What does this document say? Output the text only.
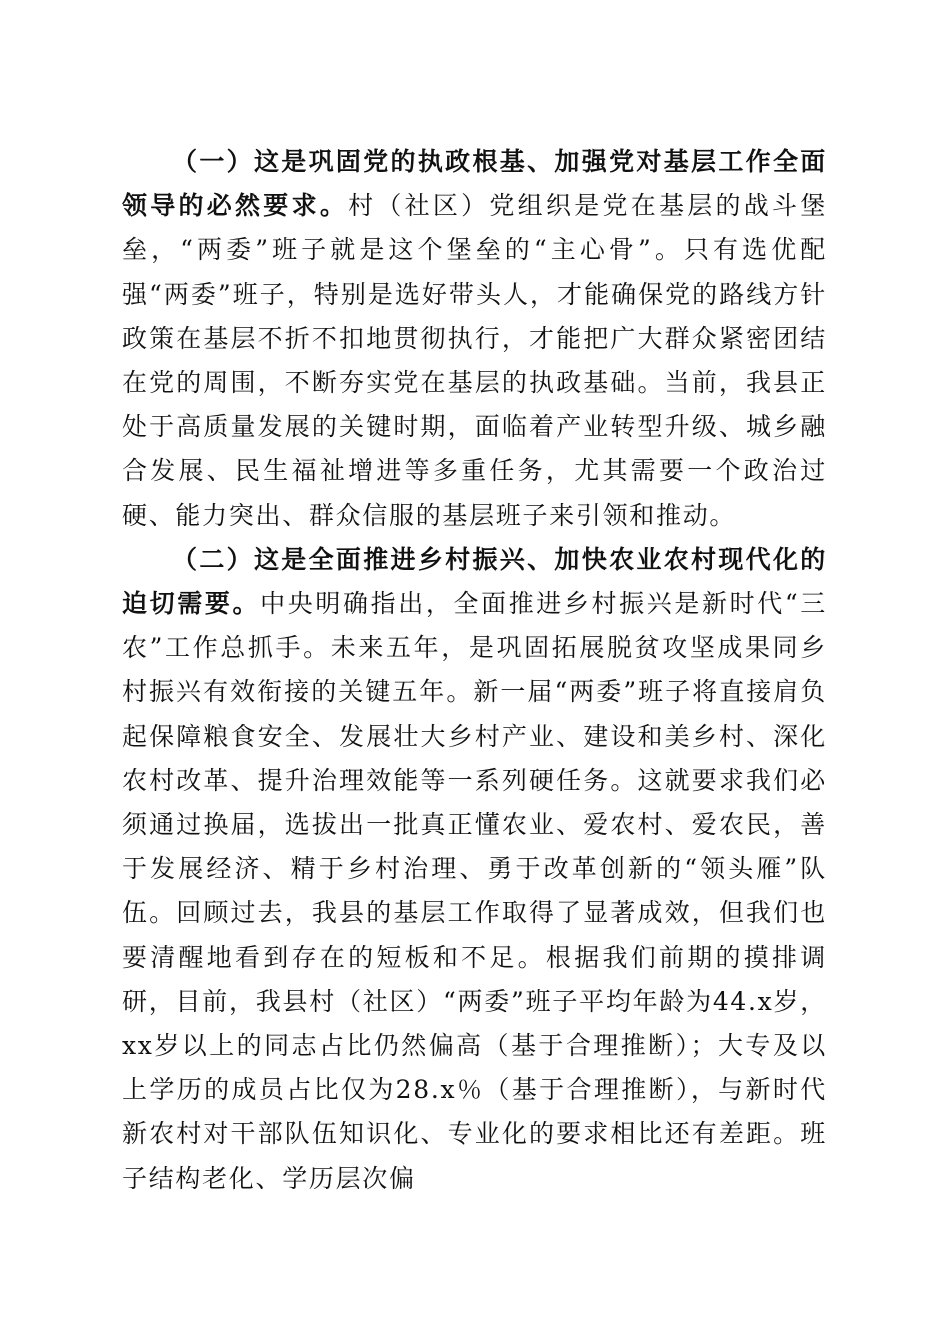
（一）这是巩固党的执政根基、加强党对基层工作全面领导的必然要求。村（社区）党组织是党在基层的战斗堡垒，“两委”班子就是这个堡垒的“主心骨”。只有选优配强“两委”班子，特别是选好带头人，才能确保党的路线方针政策在基层不折不扣地贯彻执行，才能把广大群众紧密团结在党的周围，不断夯实党在基层的执政基础。当前，我县正处于高质量发展的关键时期，面临着产业转型升级、城乡融合发展、民生福祉增进等多重任务，尤其需要一个政治过硬、能力突出、群众信服的基层班子来引领和推动。

（二）这是全面推进乡村振兴、加快农业农村现代化的迫切需要。中央明确指出，全面推进乡村振兴是新时代“三农”工作总抓手。未来五年，是巩固拓展脱贫攻坚成果同乡村振兴有效衔接的关键五年。新一届“两委”班子将直接肩负起保障粮食安全、发展壮大乡村产业、建设和美乡村、深化农村改革、提升治理效能等一系列硬任务。这就要求我们必须通过换届，选拔出一批真正懂农业、爱农村、爱农民，善于发展经济、精于乡村治理、勇于改革创新的“领头雁”队伍。回顾过去，我县的基层工作取得了显著成效，但我们也要清醒地看到存在的短板和不足。根据我们前期的摸排调研，目前，我县村（社区）“两委”班子平均年龄为44.x岁，xx岁以上的同志占比仍然偏高（基于合理推断）；大专及以上学历的成员占比仅为28.x％（基于合理推断），与新时代新农村对干部队伍知识化、专业化的要求相比还有差距。班子结构老化、学历层次偏
